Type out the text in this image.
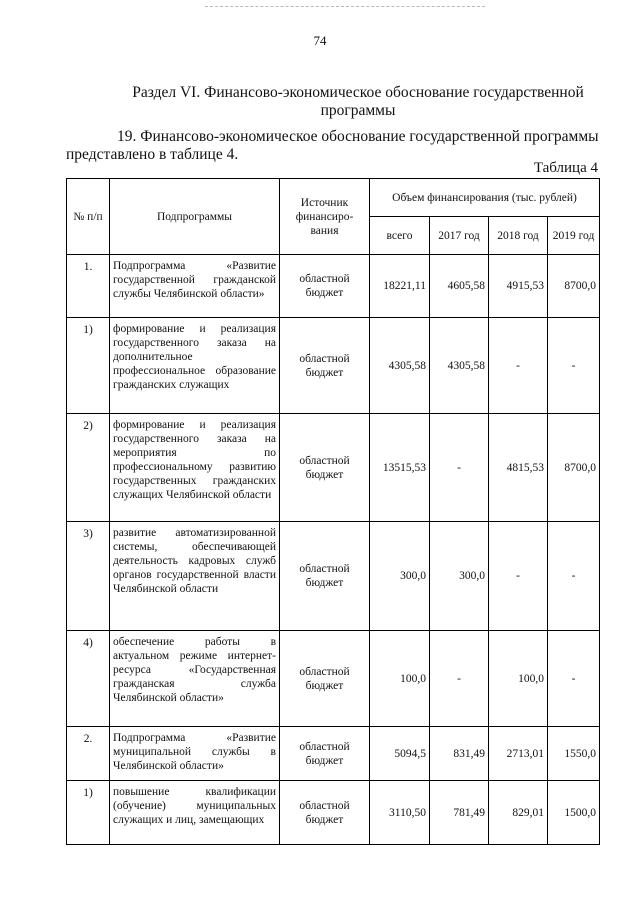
74
Раздел VI. Финансово-экономическое обоснование государственной программы
19. Финансово-экономическое обоснование государственной программы представлено в таблице 4.
Таблица 4
№ п/п	Подпрограммы	Источник финансиро-вания	Объем финансирования (тыс. рублей)			
			всего	2017 год	2018 год	2019 год
1.	Подпрограмма «Развитие государственной гражданской службы Челябинской области»	областной бюджет	18221,11	4605,58	4915,53	8700,0
1)	формирование и реализация государственного заказа на дополнительное профессиональное образование гражданских служащих	областной бюджет	4305,58	4305,58	-	-
2)	формирование и реализация государственного заказа на мероприятия по профессиональному развитию государственных гражданских служащих Челябинской области	областной бюджет	13515,53	-	4815,53	8700,0
3)	развитие автоматизированной системы, обеспечивающей деятельность кадровых служб органов государственной власти Челябинской области	областной бюджет	300,0	300,0	-	-
4)	обеспечение работы в актуальном режиме интернет-ресурса «Государственная гражданская служба Челябинской области»	областной бюджет	100,0	-	100,0	-
2.	Подпрограмма «Развитие муниципальной службы в Челябинской области»	областной бюджет	5094,5	831,49	2713,01	1550,0
1)	повышение квалификации (обучение) муниципальных служащих и лиц, замещающих	областной бюджет	3110,50	781,49	829,01	1500,0
